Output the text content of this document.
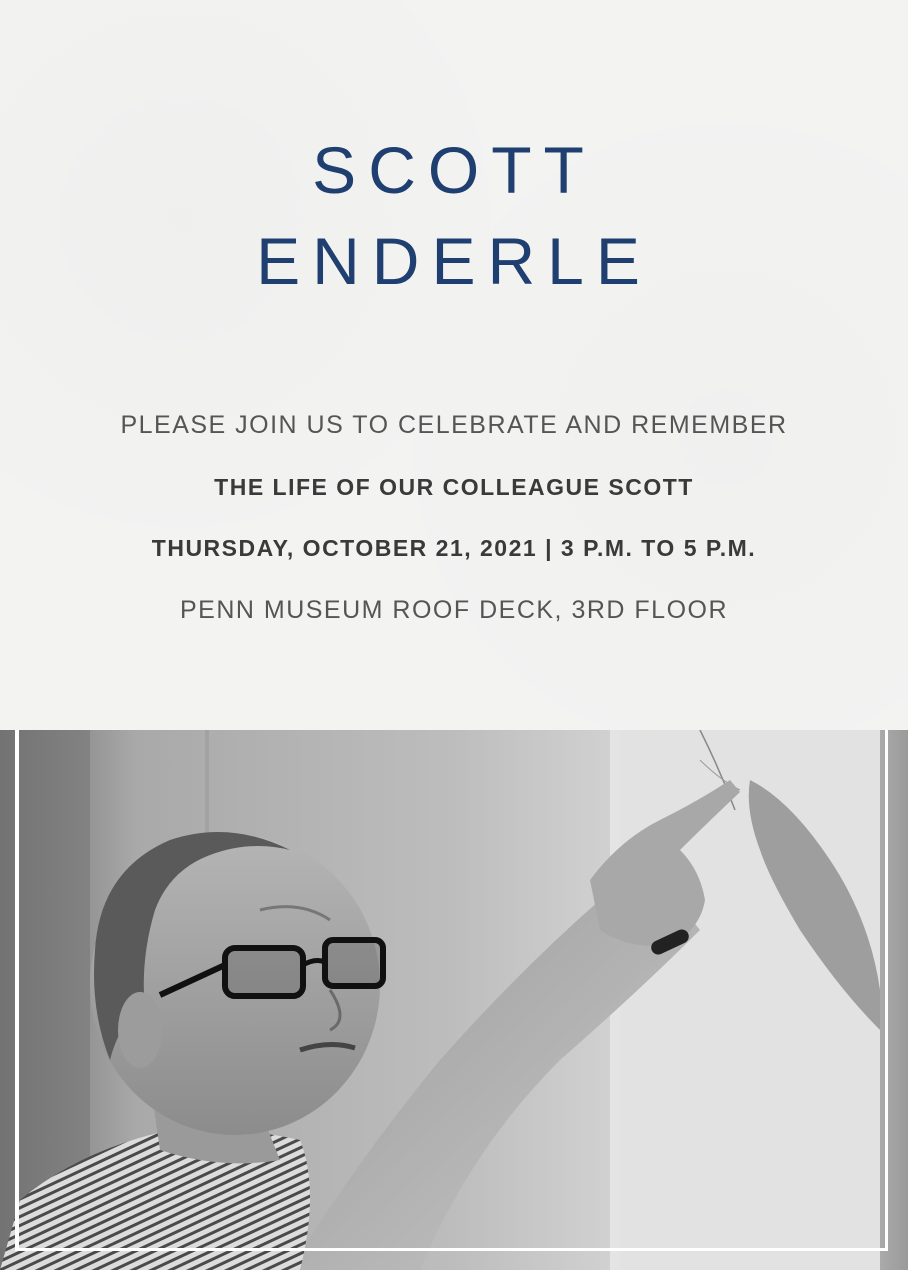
SCOTT
ENDERLE
PLEASE JOIN US TO CELEBRATE AND REMEMBER
THE LIFE OF OUR COLLEAGUE SCOTT
THURSDAY, OCTOBER 21, 2021 | 3 P.M. TO 5 P.M.
PENN MUSEUM ROOF DECK, 3RD FLOOR
